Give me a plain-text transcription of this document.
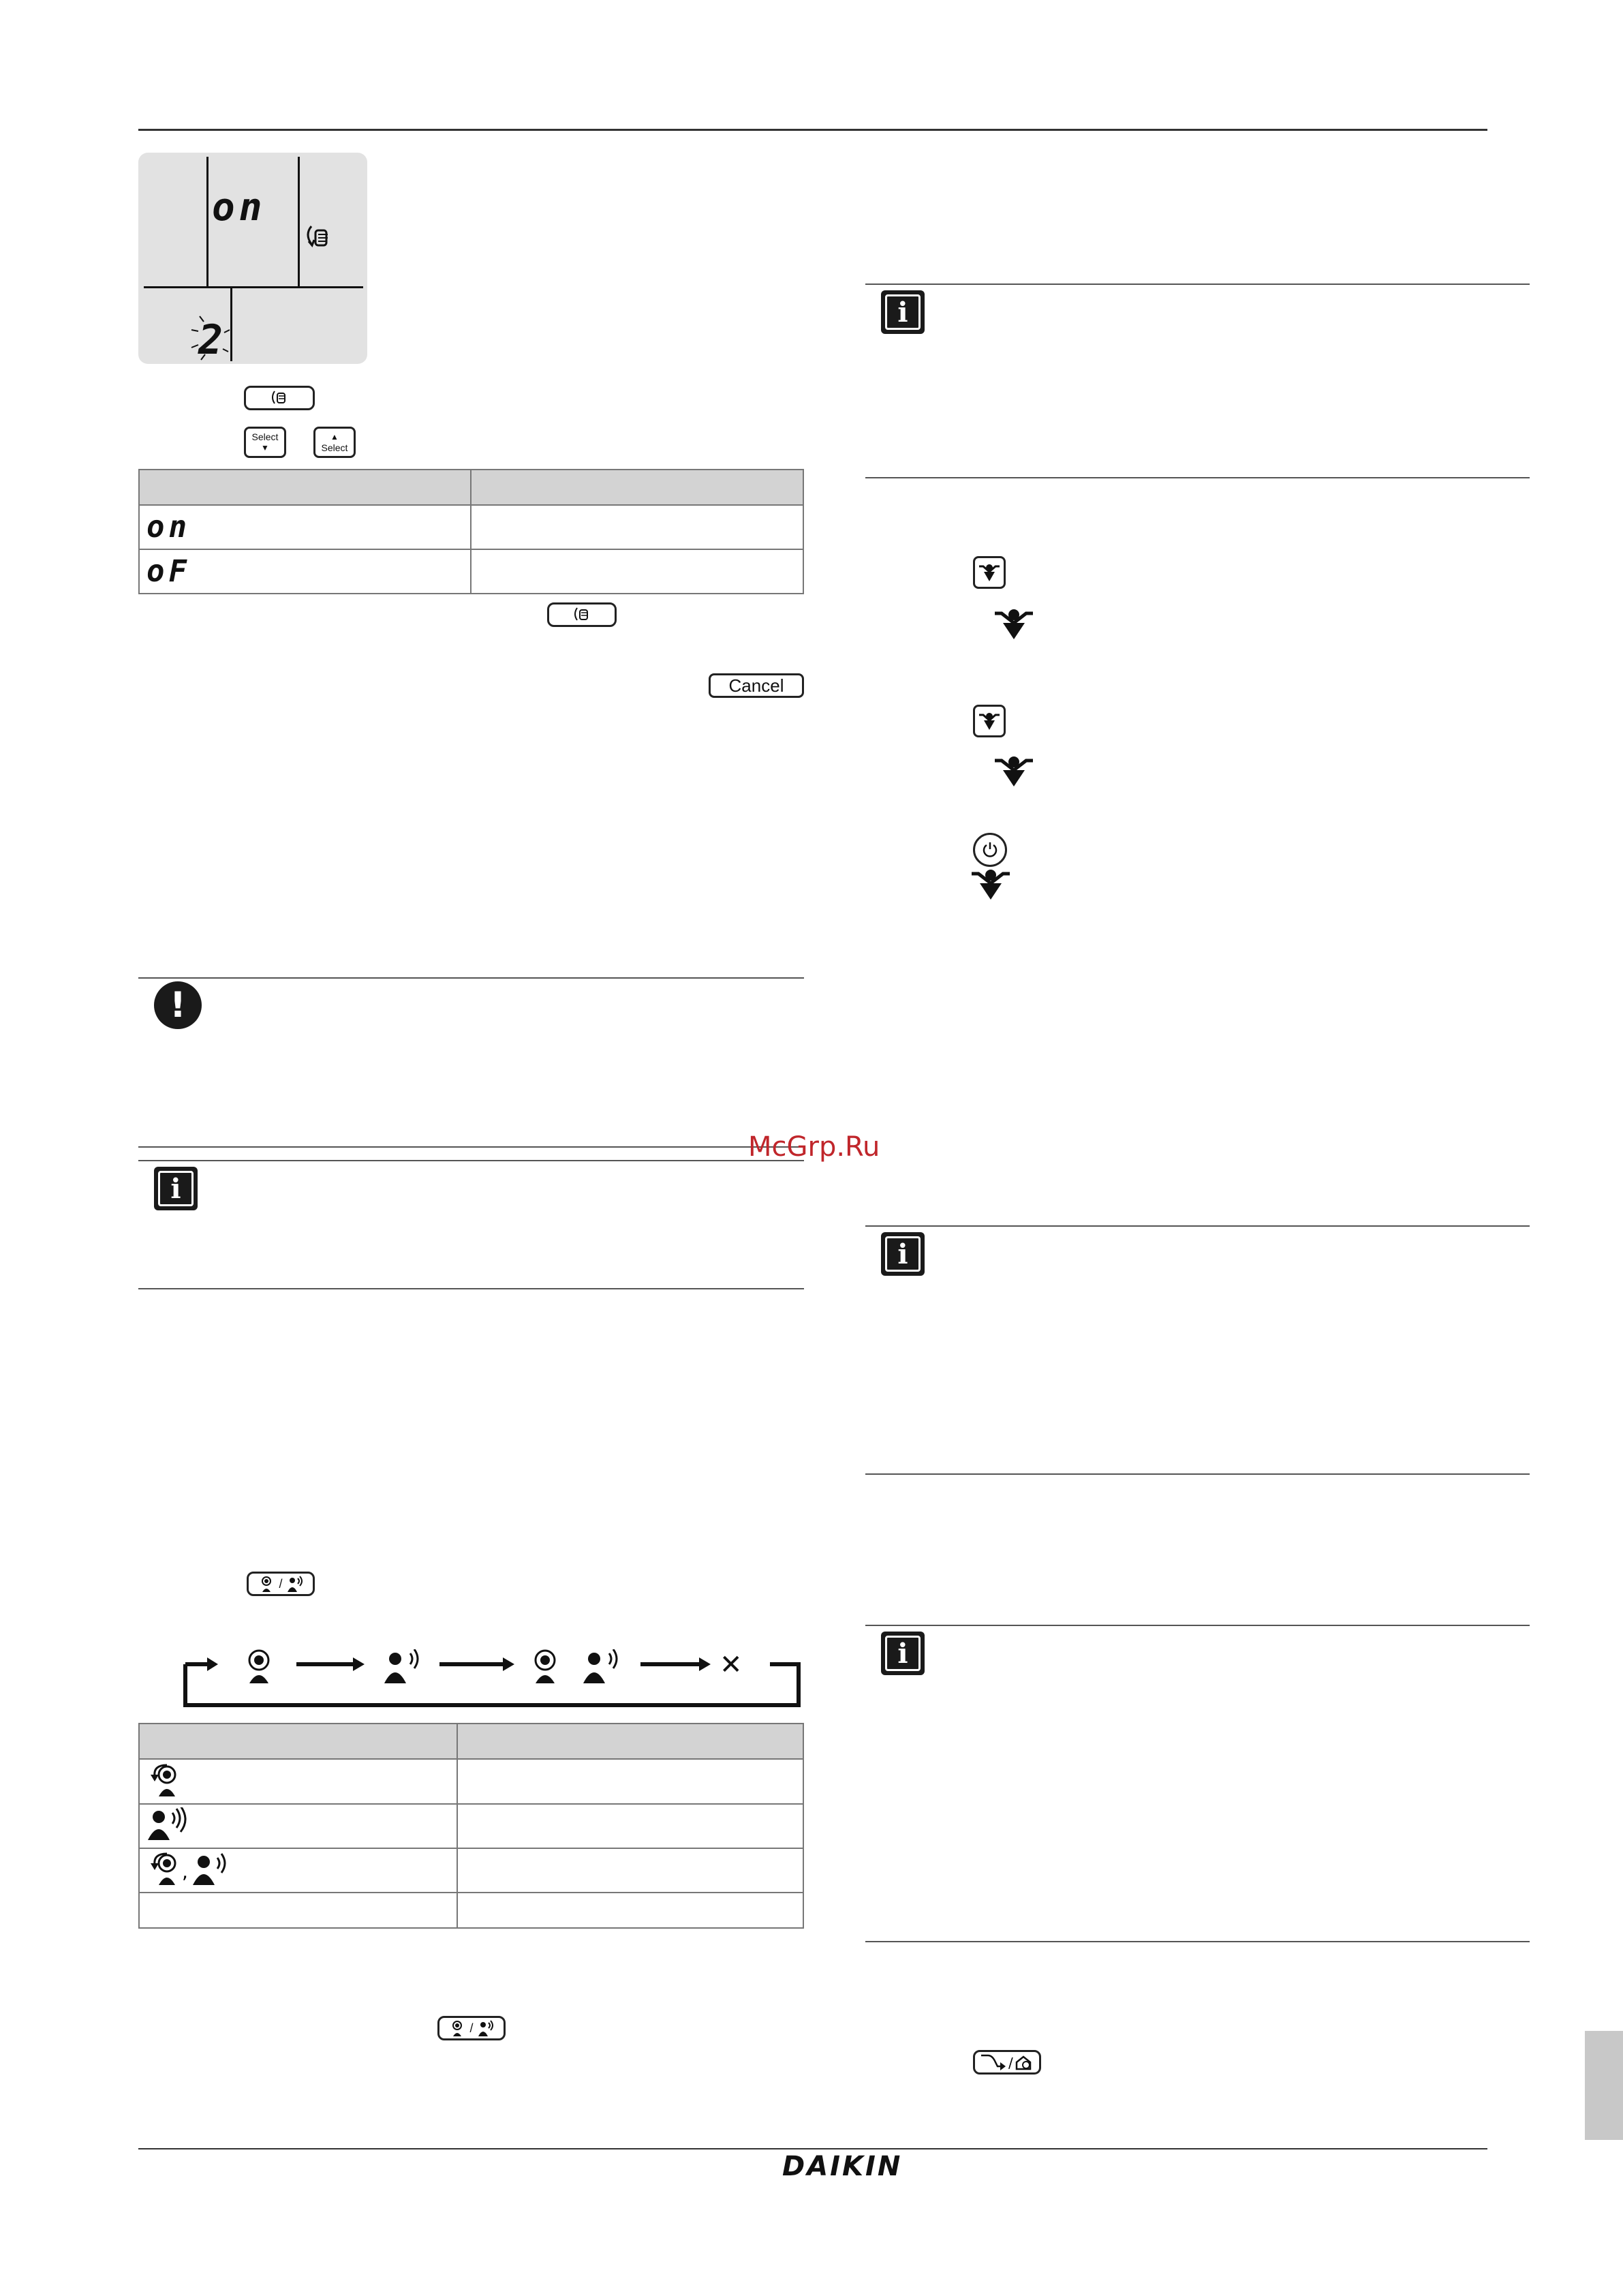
on
2
Select
▼
▲
Select

on	
oF	
Cancel
!
i
McGrp.Ru
/
✕

,	

/
i
i
i
/
DAIKIN
